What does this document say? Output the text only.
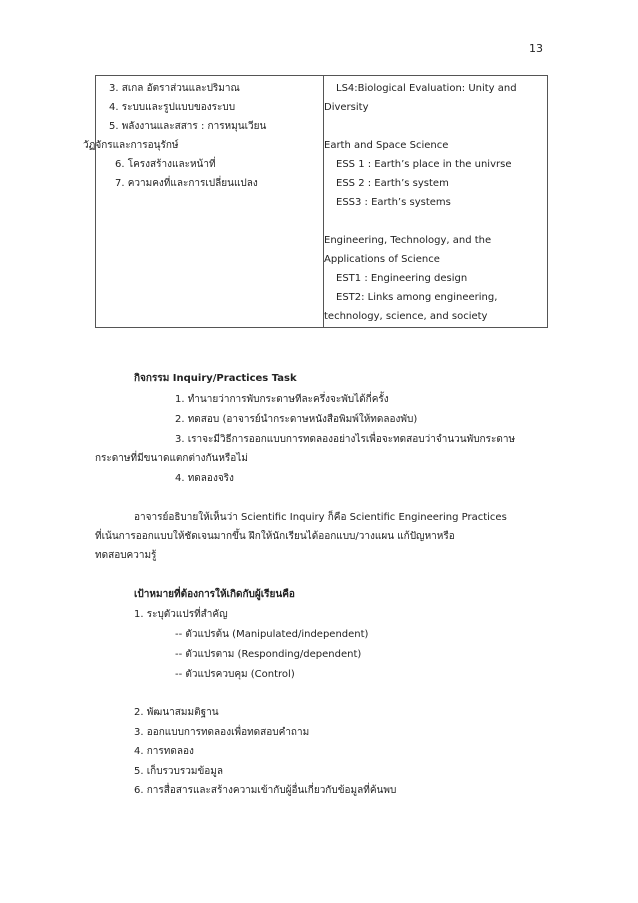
13
3. สเกล อัตราส่วนและปริมาณ
4. ระบบและรูปแบบของระบบ
5. พลังงานและสสาร : การหมุนเวียน
วัฏจักรและการอนุรักษ์
6. โครงสร้างและหน้าที่
7. ความคงที่และการเปลี่ยนแปลง
LS4:Biological Evaluation: Unity and
Diversity
Earth and Space Science
ESS 1 : Earth’s place in the univrse
ESS 2 : Earth’s system
ESS3 : Earth’s systems
Engineering, Technology, and the
Applications of Science
EST1 : Engineering design
EST2: Links among engineering,
technology, science, and society
กิจกรรม Inquiry/Practices Task
1. ทำนายว่าการพับกระดาษทีละครึ่งจะพับได้กี่ครั้ง
2. ทดสอบ (อาจารย์นำกระดาษหนังสือพิมพ์ให้ทดลองพับ)
3. เราจะมีวิธีการออกแบบการทดลองอย่างไรเพื่อจะทดสอบว่าจำนวนพับกระดาษ
กระดาษที่มีขนาดแตกต่างกันหรือไม่
4. ทดลองจริง
อาจารย์อธิบายให้เห็นว่า Scientific Inquiry ก็คือ Scientific Engineering Practices
ที่เน้นการออกแบบให้ชัดเจนมากขึ้น ฝึกให้นักเรียนได้ออกแบบ/วางแผน แก้ปัญหาหรือ
ทดสอบความรู้
เป้าหมายที่ต้องการให้เกิดกับผู้เรียนคือ
1. ระบุตัวแปรที่สำคัญ
-- ตัวแปรต้น (Manipulated/independent)
-- ตัวแปรตาม (Responding/dependent)
-- ตัวแปรควบคุม (Control)
2. พัฒนาสมมติฐาน
3. ออกแบบการทดลองเพื่อทดสอบคำถาม
4. การทดลอง
5. เก็บรวบรวมข้อมูล
6. การสื่อสารและสร้างความเข้ากับผู้อื่นเกี่ยวกับข้อมูลที่ค้นพบ
